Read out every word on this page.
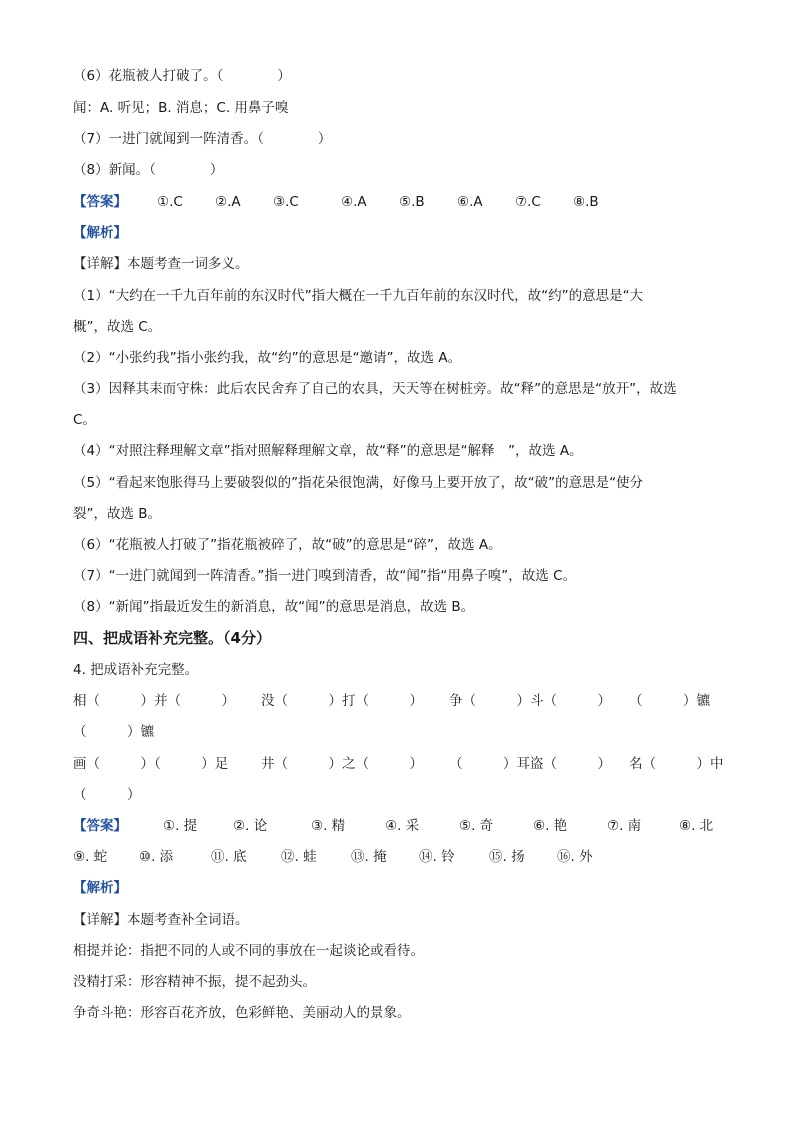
（6）花瓶被人打破了。（　　　　）
闻：A. 听见；B. 消息；C. 用鼻子嗅
（7）一进门就闻到一阵清香。（　　　　）
（8）新闻。（　　　　）
【答案】 ①.C ②.A ③.C	④.A ⑤.B ⑥.A ⑦.C ⑧.B
【解析】
【详解】本题考查一词多义。
（1）“大约在一千九百年前的东汉时代”指大概在一千九百年前的东汉时代，故“约”的意思是“大
概”，故选 C。
（2）“小张约我”指小张约我，故“约”的意思是“邀请”，故选 A。
（3）因释其耒而守株：此后农民舍弃了自己的农具，天天等在树桩旁。故“释”的意思是“放开”，故选
C。
（4）“对照注释理解文章”指对照解释理解文章，故“释”的意思是“解释　”，故选 A。
（5）“看起来饱胀得马上要破裂似的”指花朵很饱满，好像马上要开放了，故“破”的意思是“使分
裂”，故选 B。
（6）“花瓶被人打破了”指花瓶被碎了，故“破”的意思是“碎”，故选 A。
（7）“一进门就闻到一阵清香。”指一进门嗅到清香，故“闻”指“用鼻子嗅”，故选 C。
（8）“新闻”指最近发生的新消息，故“闻”的意思是消息，故选 B。
四、把成语补充完整。（4分）
4. 把成语补充完整。
相（　　　）并（　　　） 没（　　　）打（　　　） 争（　　　）斗（　　　） （　　　）镳
（　　　）镳
画（　　　）（　　　）足 井（　　　）之（　　　） （　　　）耳盗（　　　） 名（　　　）中
（　　　）
【答案】	①. 提	②. 论	③. 精	④. 采	⑤. 奇	⑥. 艳	⑦. 南	⑧. 北
⑨. 蛇 ⑩. 添	⑪. 底	⑫. 蛙	⑬. 掩 ⑭. 铃	⑮. 扬 ⑯. 外
【解析】
【详解】本题考查补全词语。
相提并论：指把不同的人或不同的事放在一起谈论或看待。
没精打采：形容精神不振，提不起劲头。
争奇斗艳：形容百花齐放，色彩鲜艳、美丽动人的景象。
